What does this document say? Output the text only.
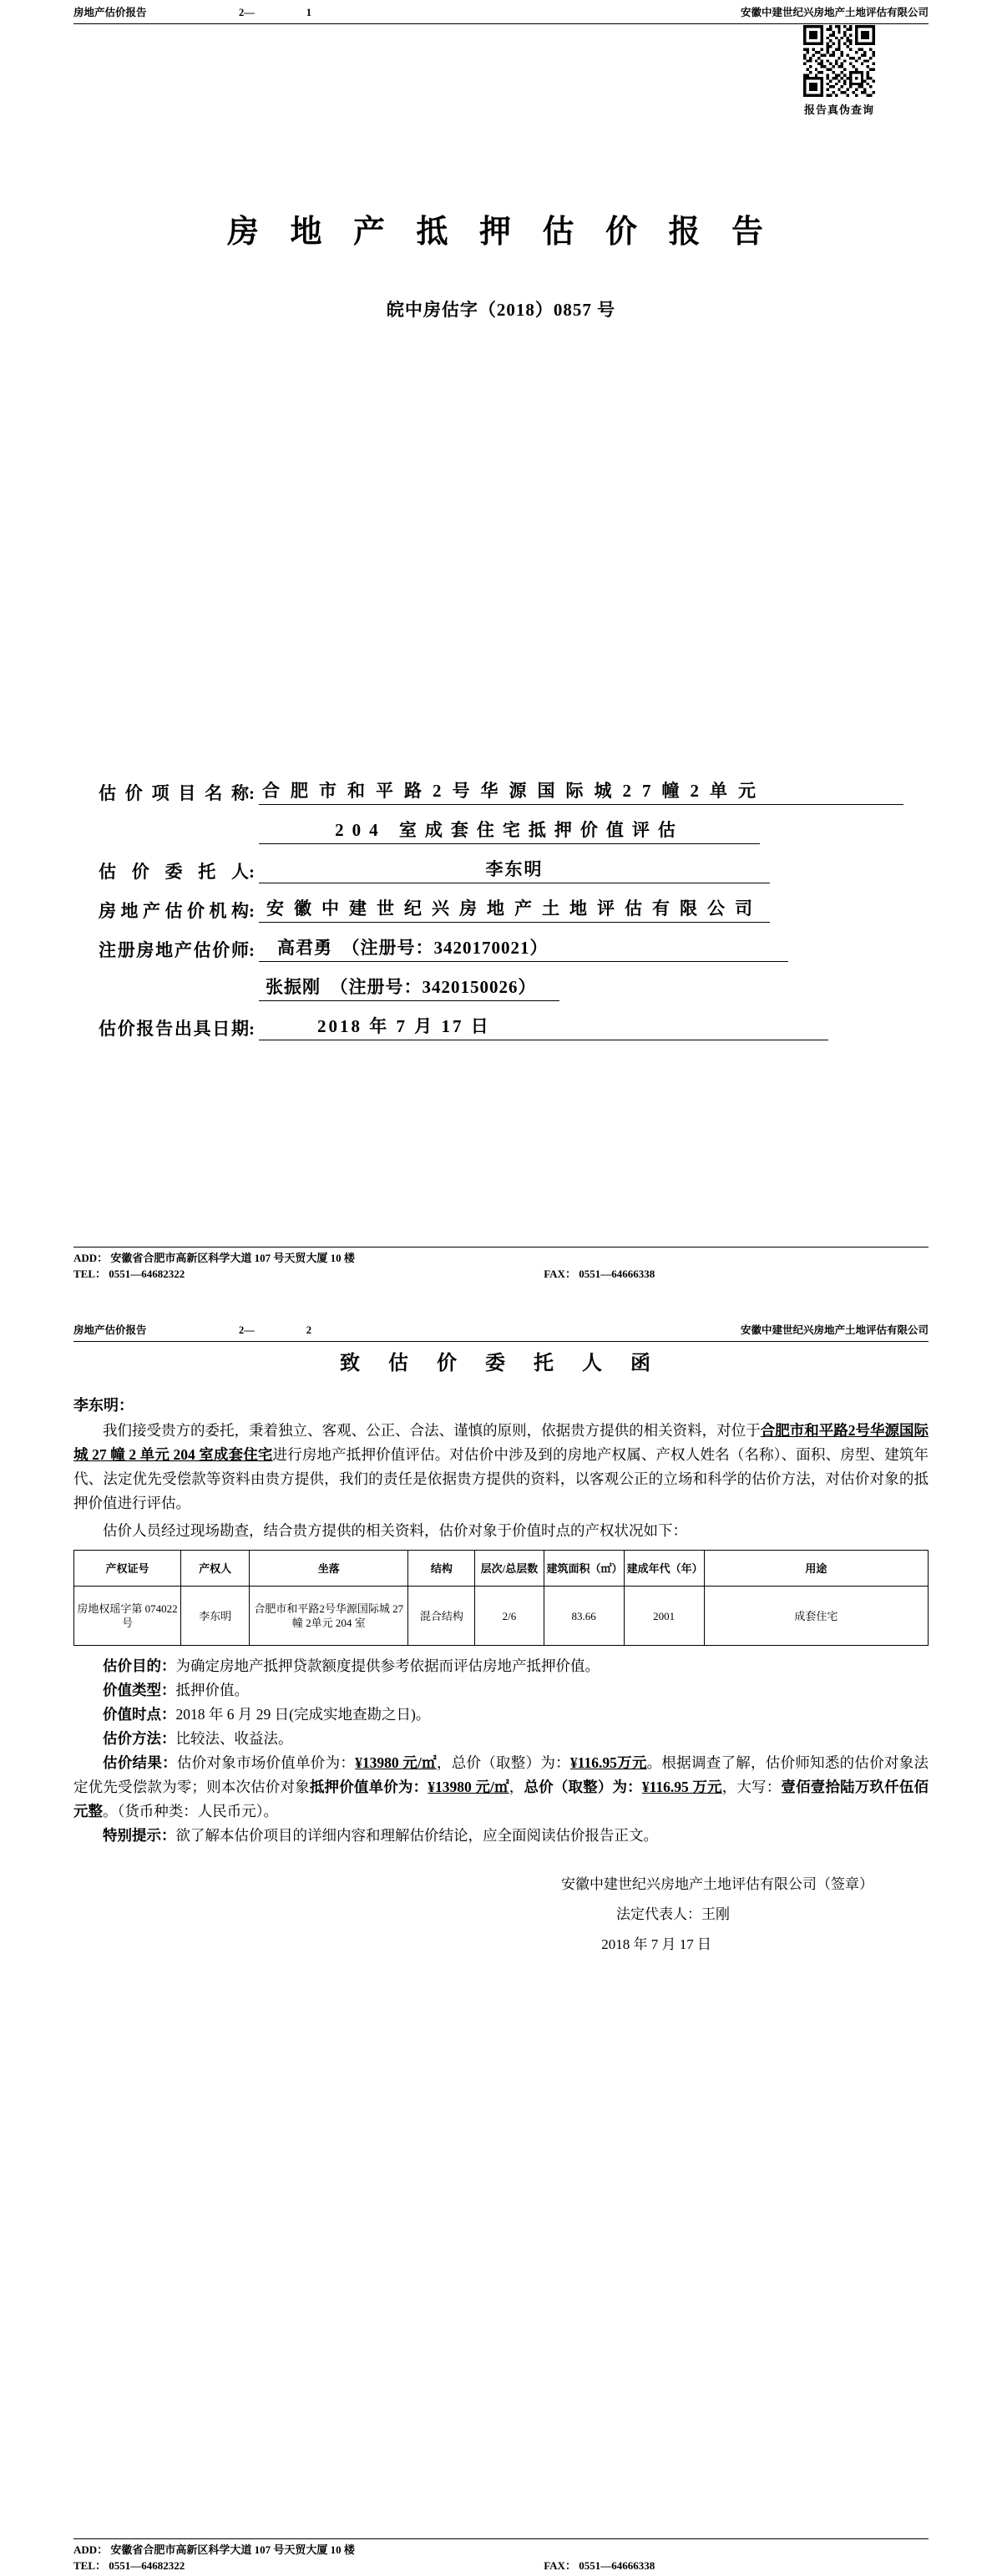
房地产估价报告	2—	1	安徽中建世纪兴房地产土地评估有限公司
报告真伪查询
房 地 产 抵 押 估 价 报 告
皖中房估字（2018）0857 号
估 价 项 目 名 称 : 合肥市和平路2号华源国际城27幢2单元
204 室成套住宅抵押价值评估
估 价 委 托 人 :	李东明
房地产估价机构 : 安徽中建世纪兴房地产土地评估有限公司
注册房地产估价师 :	高君勇　（注册号：3420170021）
张振刚　（注册号：3420150026）
估价报告出具日期 :	2018 年 7 月 17 日
ADD： 安徽省合肥市高新区科学大道 107 号天贸大厦 10 楼
TEL： 0551—64682322	FAX： 0551—64666338
房地产估价报告	2—	2	安徽中建世纪兴房地产土地评估有限公司
致 估 价 委 托 人 函
李东明：

我们接受贵方的委托，秉着独立、客观、公正、合法、谨慎的原则，依据贵方提供的相关资料，对位于合肥市和平路2号华源国际城 27 幢 2 单元 204 室成套住宅进行房地产抵押价值评估。对估价中涉及到的房地产权属、产权人姓名（名称）、面积、房型、建筑年代、法定优先受偿款等资料由贵方提供，我们的责任是依据贵方提供的资料，以客观公正的立场和科学的估价方法，对估价对象的抵押价值进行评估。

估价人员经过现场勘查，结合贵方提供的相关资料，估价对象于价值时点的产权状况如下：

产权证号	产权人	坐落	结构	层次/总层数	建筑面积（㎡）	建成年代（年）	用途
房地权瑶字第 074022号	李东明	合肥市和平路2号华源国际城 27 幢 2单元 204 室	混合结构	2/6	83.66	2001	成套住宅

估价目的：为确定房地产抵押贷款额度提供参考依据而评估房地产抵押价值。

价值类型：抵押价值。

价值时点：2018 年 6 月 29 日(完成实地查勘之日)。

估价方法：比较法、收益法。

估价结果：估价对象市场价值单价为：¥13980 元/㎡，总价（取整）为：¥116.95万元。根据调查了解，估价师知悉的估价对象法定优先受偿款为零；则本次估价对象抵押价值单价为：¥13980 元/㎡，总价（取整）为：¥116.95 万元，大写：壹佰壹拾陆万玖仟伍佰元整。（货币种类：人民币元）。

特别提示：欲了解本估价项目的详细内容和理解估价结论，应全面阅读估价报告正文。

安徽中建世纪兴房地产土地评估有限公司（签章）
法定代表人：王刚
2018 年 7 月 17 日
ADD： 安徽省合肥市高新区科学大道 107 号天贸大厦 10 楼
TEL： 0551—64682322	FAX： 0551—64666338
